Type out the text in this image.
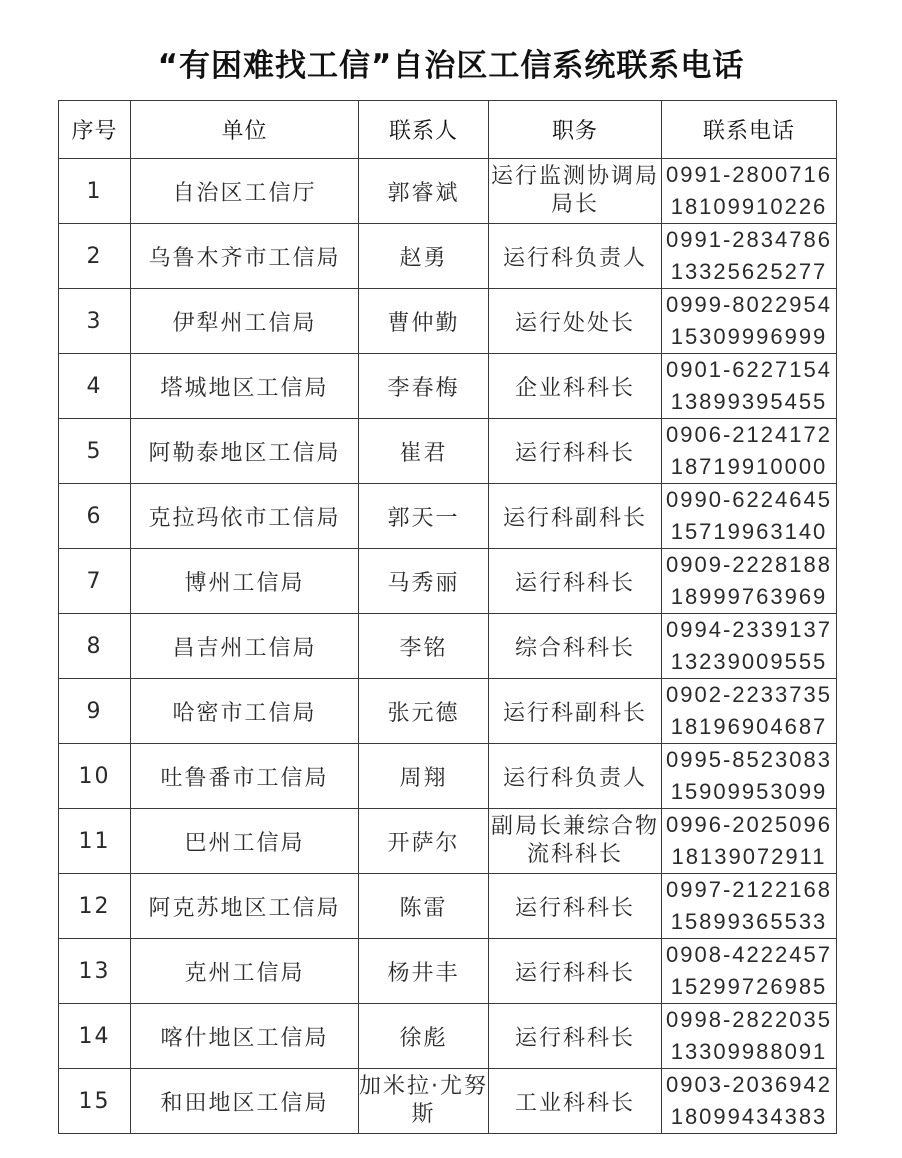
“有困难找工信”自治区工信系统联系电话
序号	单位	联系人	职务	联系电话
1	自治区工信厅	郭睿斌	运行监测协调局局长	0991-2800716
18109910226

2	乌鲁木齐市工信局	赵勇	运行科负责人	0991-2834786
13325625277

3	伊犁州工信局	曹仲勤	运行处处长	0999-8022954
15309996999

4	塔城地区工信局	李春梅	企业科科长	0901-6227154
13899395455

5	阿勒泰地区工信局	崔君	运行科科长	0906-2124172
18719910000

6	克拉玛依市工信局	郭天一	运行科副科长	0990-6224645
15719963140

7	博州工信局	马秀丽	运行科科长	0909-2228188
18999763969

8	昌吉州工信局	李铭	综合科科长	0994-2339137
13239009555

9	哈密市工信局	张元德	运行科副科长	0902-2233735
18196904687

10	吐鲁番市工信局	周翔	运行科负责人	0995-8523083
15909953099

11	巴州工信局	开萨尔	副局长兼综合物流科科长	0996-2025096
18139072911

12	阿克苏地区工信局	陈雷	运行科科长	0997-2122168
15899365533

13	克州工信局	杨井丰	运行科科长	0908-4222457
15299726985

14	喀什地区工信局	徐彪	运行科科长	0998-2822035
13309988091

15	和田地区工信局	加米拉·尤努斯	工业科科长	0903-2036942
18099434383
